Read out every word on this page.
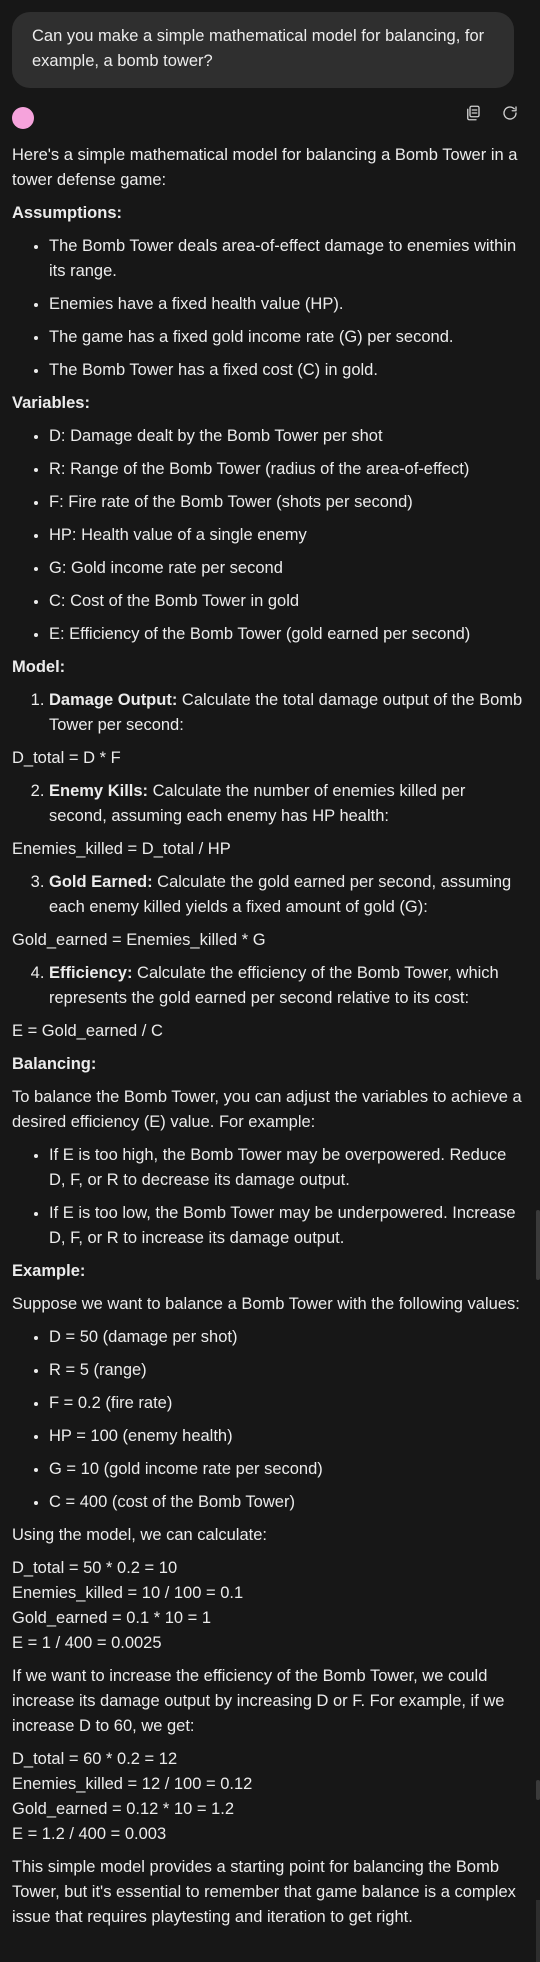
Can you make a simple mathematical model for balancing, for example, a bomb tower?

Here's a simple mathematical model for balancing a Bomb Tower in a tower defense game:

Assumptions:
• The Bomb Tower deals area-of-effect damage to enemies within its range.
• Enemies have a fixed health value (HP).
• The game has a fixed gold income rate (G) per second.
• The Bomb Tower has a fixed cost (C) in gold.
Variables:
• D: Damage dealt by the Bomb Tower per shot
• R: Range of the Bomb Tower (radius of the area-of-effect)
• F: Fire rate of the Bomb Tower (shots per second)
• HP: Health value of a single enemy
• G: Gold income rate per second
• C: Cost of the Bomb Tower in gold
• E: Efficiency of the Bomb Tower (gold earned per second)
Model:
1. Damage Output: Calculate the total damage output of the Bomb Tower per second:
D_total = D * F
2. Enemy Kills: Calculate the number of enemies killed per second, assuming each enemy has HP health:
Enemies_killed = D_total / HP
3. Gold Earned: Calculate the gold earned per second, assuming each enemy killed yields a fixed amount of gold (G):
Gold_earned = Enemies_killed * G
4. Efficiency: Calculate the efficiency of the Bomb Tower, which represents the gold earned per second relative to its cost:
E = Gold_earned / C
Balancing:

To balance the Bomb Tower, you can adjust the variables to achieve a desired efficiency (E) value. For example:

• If E is too high, the Bomb Tower may be overpowered. Reduce D, F, or R to decrease its damage output.
• If E is too low, the Bomb Tower may be underpowered. Increase D, F, or R to increase its damage output.
Example:

Suppose we want to balance a Bomb Tower with the following values:

• D = 50 (damage per shot)
• R = 5 (range)
• F = 0.2 (fire rate)
• HP = 100 (enemy health)
• G = 10 (gold income rate per second)
• C = 400 (cost of the Bomb Tower)

Using the model, we can calculate:

D_total = 50 * 0.2 = 10
Enemies_killed = 10 / 100 = 0.1
Gold_earned = 0.1 * 10 = 1
E = 1 / 400 = 0.0025

If we want to increase the efficiency of the Bomb Tower, we could increase its damage output by increasing D or F. For example, if we increase D to 60, we get:

D_total = 60 * 0.2 = 12
Enemies_killed = 12 / 100 = 0.12
Gold_earned = 0.12 * 10 = 1.2
E = 1.2 / 400 = 0.003

This simple model provides a starting point for balancing the Bomb Tower, but it's essential to remember that game balance is a complex issue that requires playtesting and iteration to get right.
